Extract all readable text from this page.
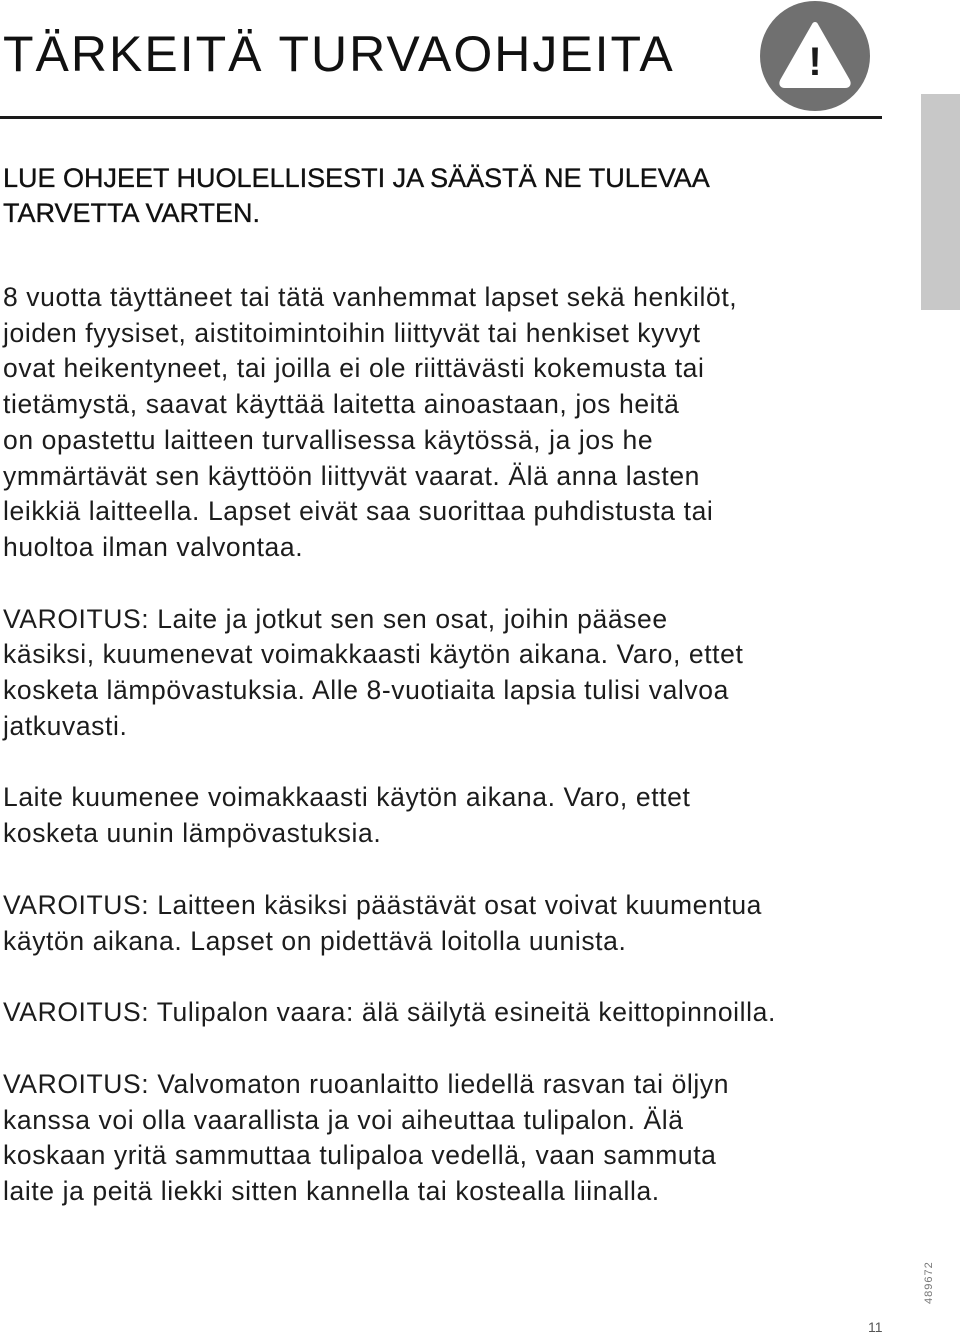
TÄRKEITÄ TURVAOHJEITA	!
LUE OHJEET HUOLELLISESTI JA SÄÄSTÄ NE TULEVAA
TARVETTA VARTEN.

8 vuotta täyttäneet tai tätä vanhemmat lapset sekä henkilöt,
joiden fyysiset, aistitoimintoihin liittyvät tai henkiset kyvyt
ovat heikentyneet, tai joilla ei ole riittävästi kokemusta tai
tietämystä, saavat käyttää laitetta ainoastaan, jos heitä
on opastettu laitteen turvallisessa käytössä, ja jos he
ymmärtävät sen käyttöön liittyvät vaarat. Älä anna lasten
leikkiä laitteella. Lapset eivät saa suorittaa puhdistusta tai
huoltoa ilman valvontaa.

VAROITUS: Laite ja jotkut sen sen osat, joihin pääsee
käsiksi, kuumenevat voimakkaasti käytön aikana. Varo, ettet
kosketa lämpövastuksia. Alle 8-vuotiaita lapsia tulisi valvoa
jatkuvasti.

Laite kuumenee voimakkaasti käytön aikana. Varo, ettet
kosketa uunin lämpövastuksia.

VAROITUS: Laitteen käsiksi päästävät osat voivat kuumentua
käytön aikana. Lapset on pidettävä loitolla uunista.

VAROITUS: Tulipalon vaara: älä säilytä esineitä keittopinnoilla.

VAROITUS: Valvomaton ruoanlaitto liedellä rasvan tai öljyn
kanssa voi olla vaarallista ja voi aiheuttaa tulipalon. Älä
koskaan yritä sammuttaa tulipaloa vedellä, vaan sammuta
laite ja peitä liekki sitten kannella tai kostealla liinalla.

11
489672
